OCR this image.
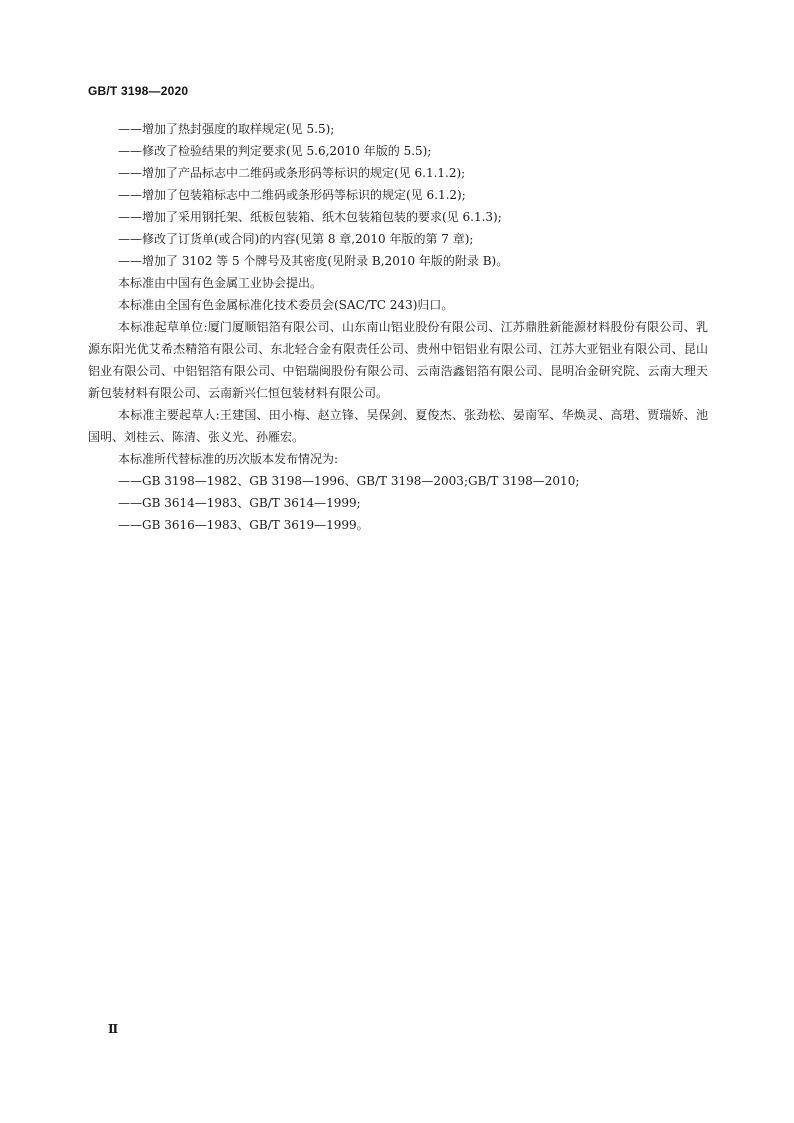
GB/T 3198—2020
——增加了热封强度的取样规定(见 5.5);
——修改了检验结果的判定要求(见 5.6,2010 年版的 5.5);
——增加了产品标志中二维码或条形码等标识的规定(见 6.1.1.2);
——增加了包装箱标志中二维码或条形码等标识的规定(见 6.1.2);
——增加了采用钢托架、纸板包装箱、纸木包装箱包装的要求(见 6.1.3);
——修改了订货单(或合同)的内容(见第 8 章,2010 年版的第 7 章);
——增加了 3102 等 5 个牌号及其密度(见附录 B,2010 年版的附录 B)。
本标准由中国有色金属工业协会提出。
本标准由全国有色金属标准化技术委员会(SAC/TC 243)归口。
本标准起草单位:厦门厦顺铝箔有限公司、山东南山铝业股份有限公司、江苏鼎胜新能源材料股份有限公司、乳源东阳光优艾希杰精箔有限公司、东北轻合金有限责任公司、贵州中铝铝业有限公司、江苏大亚铝业有限公司、昆山铝业有限公司、中铝铝箔有限公司、中铝瑞闽股份有限公司、云南浩鑫铝箔有限公司、昆明冶金研究院、云南大理天新包装材料有限公司、云南新兴仁恒包装材料有限公司。
本标准主要起草人:王建国、田小梅、赵立锋、吴保剑、夏俊杰、张劲松、晏南军、华焕灵、高珺、贾瑞娇、池国明、刘桂云、陈清、张义光、孙雁宏。
本标准所代替标准的历次版本发布情况为:
——GB 3198—1982、GB 3198—1996、GB/T 3198—2003;GB/T 3198—2010;
——GB 3614—1983、GB/T 3614—1999;
——GB 3616—1983、GB/T 3619—1999。
Ⅱ
